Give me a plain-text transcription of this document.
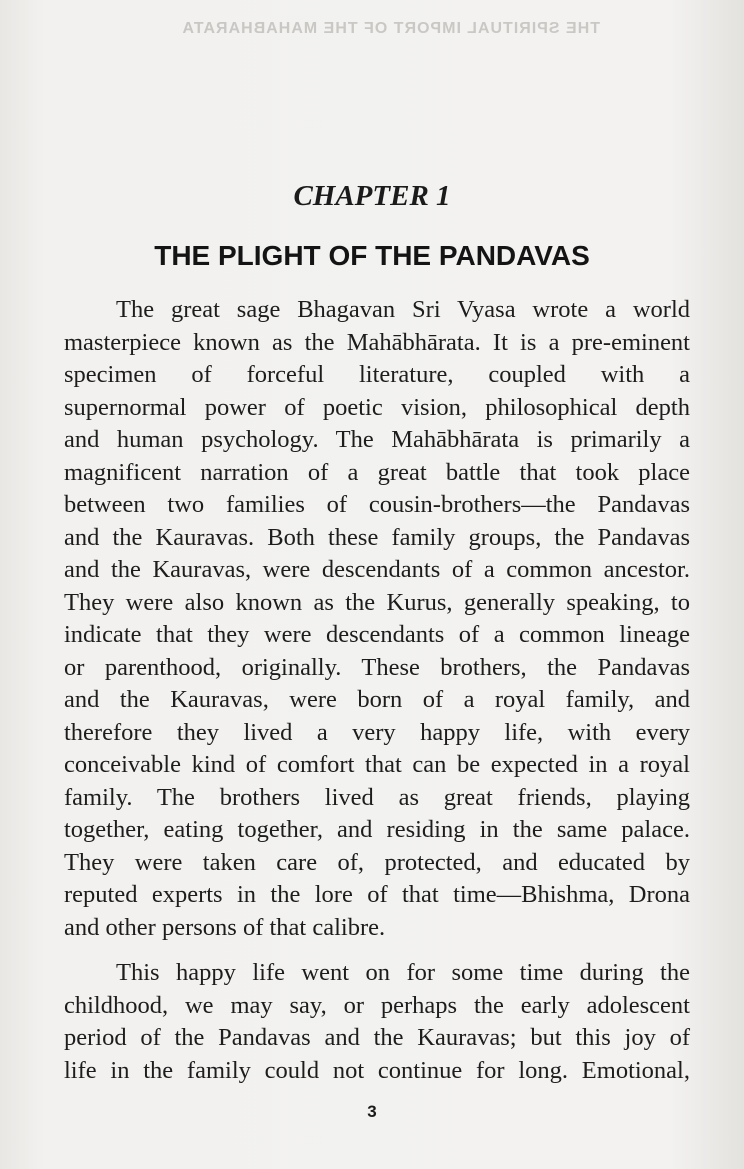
THE SPIRITUAL IMPORT OF THE MAHABHARATA
CHAPTER 1
THE PLIGHT OF THE PANDAVAS
The great sage Bhagavan Sri Vyasa wrote a world
masterpiece known as the Mahābhārata. It is a pre-eminent
specimen of forceful literature, coupled with a
supernormal power of poetic vision, philosophical depth
and human psychology. The Mahābhārata is primarily a
magnificent narration of a great battle that took place
between two families of cousin-brothers—the Pandavas
and the Kauravas. Both these family groups, the Pandavas
and the Kauravas, were descendants of a common ancestor.
They were also known as the Kurus, generally speaking, to
indicate that they were descendants of a common lineage
or parenthood, originally. These brothers, the Pandavas
and the Kauravas, were born of a royal family, and
therefore they lived a very happy life, with every
conceivable kind of comfort that can be expected in a royal
family. The brothers lived as great friends, playing
together, eating together, and residing in the same palace.
They were taken care of, protected, and educated by
reputed experts in the lore of that time—Bhishma, Drona
and other persons of that calibre.
This happy life went on for some time during the
childhood, we may say, or perhaps the early adolescent
period of the Pandavas and the Kauravas; but this joy of
life in the family could not continue for long. Emotional,
3
